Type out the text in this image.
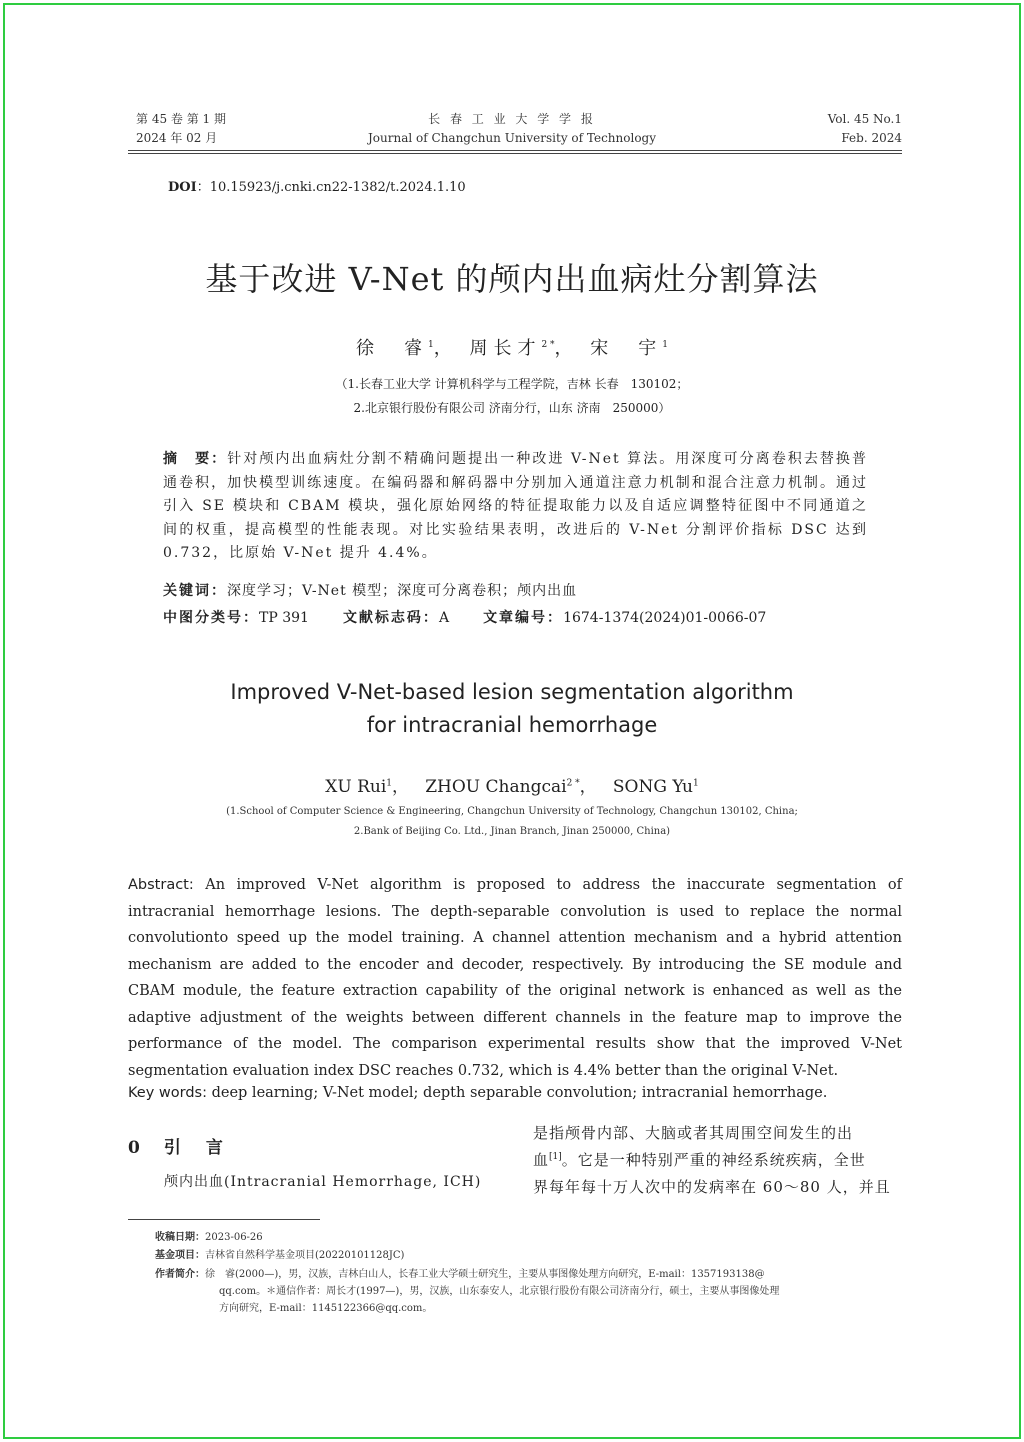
第 45 卷 第 1 期
2024 年 02 月
长 春 工 业 大 学 学 报
Journal of Changchun University of Technology
Vol. 45 No.1
Feb. 2024
DOI：10.15923/j.cnki.cn22-1382/t.2024.1.10
基于改进 V-Net 的颅内出血病灶分割算法
徐　睿$^1$， 周长才$^{2 *}$， 宋　宇$^1$
（1.长春工业大学 计算机科学与工程学院，吉林 长春　130102；
2.北京银行股份有限公司 济南分行，山东 济南　250000）
摘　要：针对颅内出血病灶分割不精确问题提出一种改进 V-Net 算法。用深度可分离卷积去替换普通卷积，加快模型训练速度。在编码器和解码器中分别加入通道注意力机制和混合注意力机制。通过引入 SE 模块和 CBAM 模块，强化原始网络的特征提取能力以及自适应调整特征图中不同通道之间的权重，提高模型的性能表现。对比实验结果表明，改进后的 V-Net 分割评价指标 DSC 达到 0.732，比原始 V-Net 提升 4.4%。
关键词：深度学习；V-Net 模型；深度可分离卷积；颅内出血
中图分类号：TP 391 文献标志码：A 文章编号：1674-1374(2024)01-0066-07
Improved V-Net-based lesion segmentation algorithm
for intracranial hemorrhage
XU Rui$^1$， ZHOU Changcai$^{2 *}$， SONG Yu$^1$
(1.School of Computer Science & Engineering, Changchun University of Technology, Changchun 130102, China;
2.Bank of Beijing Co. Ltd., Jinan Branch, Jinan 250000, China)
Abstract: An improved V-Net algorithm is proposed to address the inaccurate segmentation of intracranial hemorrhage lesions. The depth-separable convolution is used to replace the normal convolutionto speed up the model training. A channel attention mechanism and a hybrid attention mechanism are added to the encoder and decoder, respectively. By introducing the SE module and CBAM module, the feature extraction capability of the original network is enhanced as well as the adaptive adjustment of the weights between different channels in the feature map to improve the performance of the model. The comparison experimental results show that the improved V-Net segmentation evaluation index DSC reaches 0.732, which is 4.4% better than the original V-Net.
Key words: deep learning; V-Net model; depth separable convolution; intracranial hemorrhage.
0 引　言
颅内出血(Intracranial Hemorrhage, ICH)
是指颅骨内部、大脑或者其周围空间发生的出
血[1]。它是一种特别严重的神经系统疾病，全世
界每年每十万人次中的发病率在 60～80 人，并且
收稿日期：2023-06-26
基金项目：吉林省自然科学基金项目(20220101128JC)
作者简介：徐　睿(2000—)，男，汉族，吉林白山人，长春工业大学硕士研究生，主要从事图像处理方向研究，E-mail：1357193138@
qq.com。＊通信作者：周长才(1997—)，男，汉族，山东泰安人，北京银行股份有限公司济南分行，硕士，主要从事图像处理
方向研究，E-mail：1145122366@qq.com。
